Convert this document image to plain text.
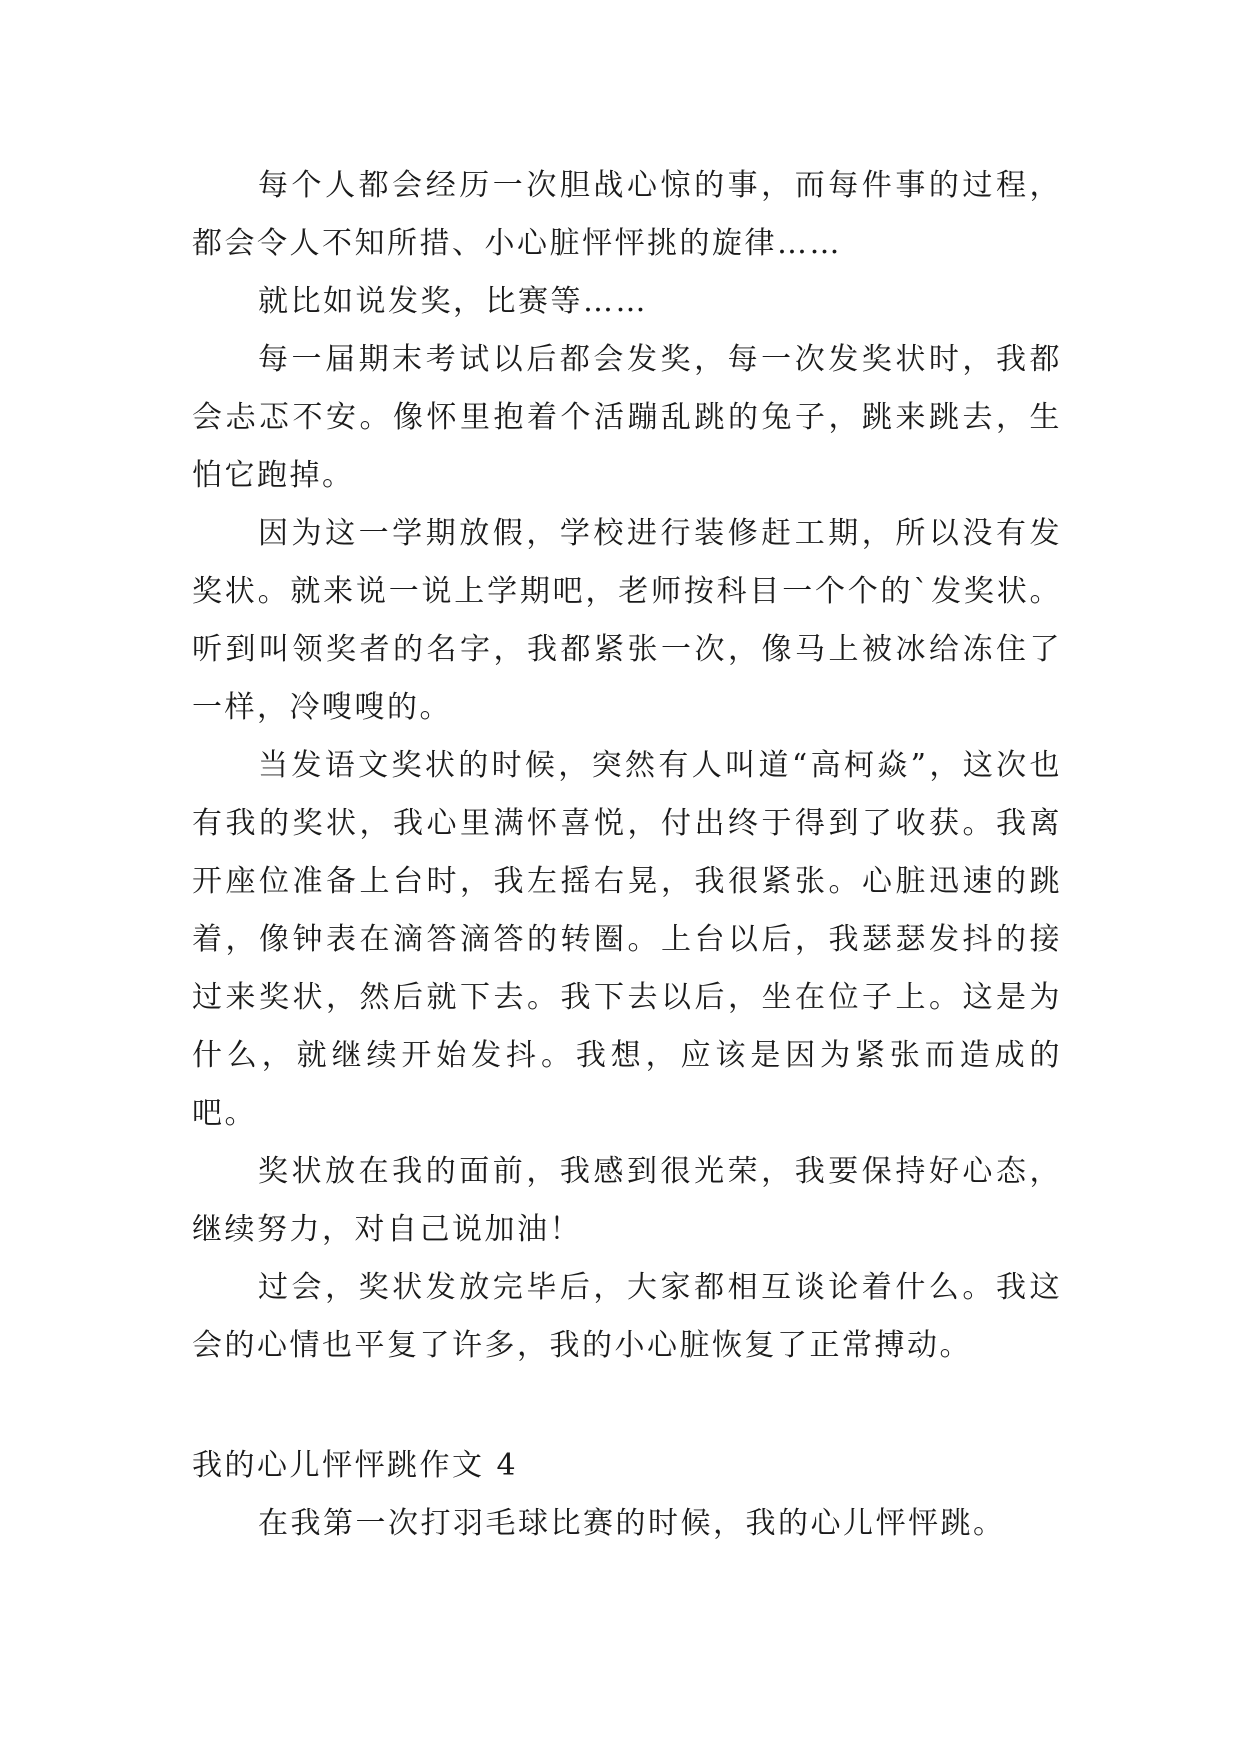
每个人都会经历一次胆战心惊的事，而每件事的过程，都会令人不知所措、小心脏怦怦挑的旋律……

就比如说发奖，比赛等……

每一届期末考试以后都会发奖，每一次发奖状时，我都会忐忑不安。像怀里抱着个活蹦乱跳的兔子，跳来跳去，生怕它跑掉。

因为这一学期放假，学校进行装修赶工期，所以没有发奖状。就来说一说上学期吧，老师按科目一个个的`发奖状。听到叫领奖者的名字，我都紧张一次，像马上被冰给冻住了一样，冷嗖嗖的。

当发语文奖状的时候，突然有人叫道“高柯焱”，这次也有我的奖状，我心里满怀喜悦，付出终于得到了收获。我离开座位准备上台时，我左摇右晃，我很紧张。心脏迅速的跳着，像钟表在滴答滴答的转圈。上台以后，我瑟瑟发抖的接过来奖状，然后就下去。我下去以后，坐在位子上。这是为什么，就继续开始发抖。我想，应该是因为紧张而造成的吧。

奖状放在我的面前，我感到很光荣，我要保持好心态，继续努力，对自己说加油！

过会，奖状发放完毕后，大家都相互谈论着什么。我这会的心情也平复了许多，我的小心脏恢复了正常搏动。

我的心儿怦怦跳作文 4

在我第一次打羽毛球比赛的时候，我的心儿怦怦跳。
